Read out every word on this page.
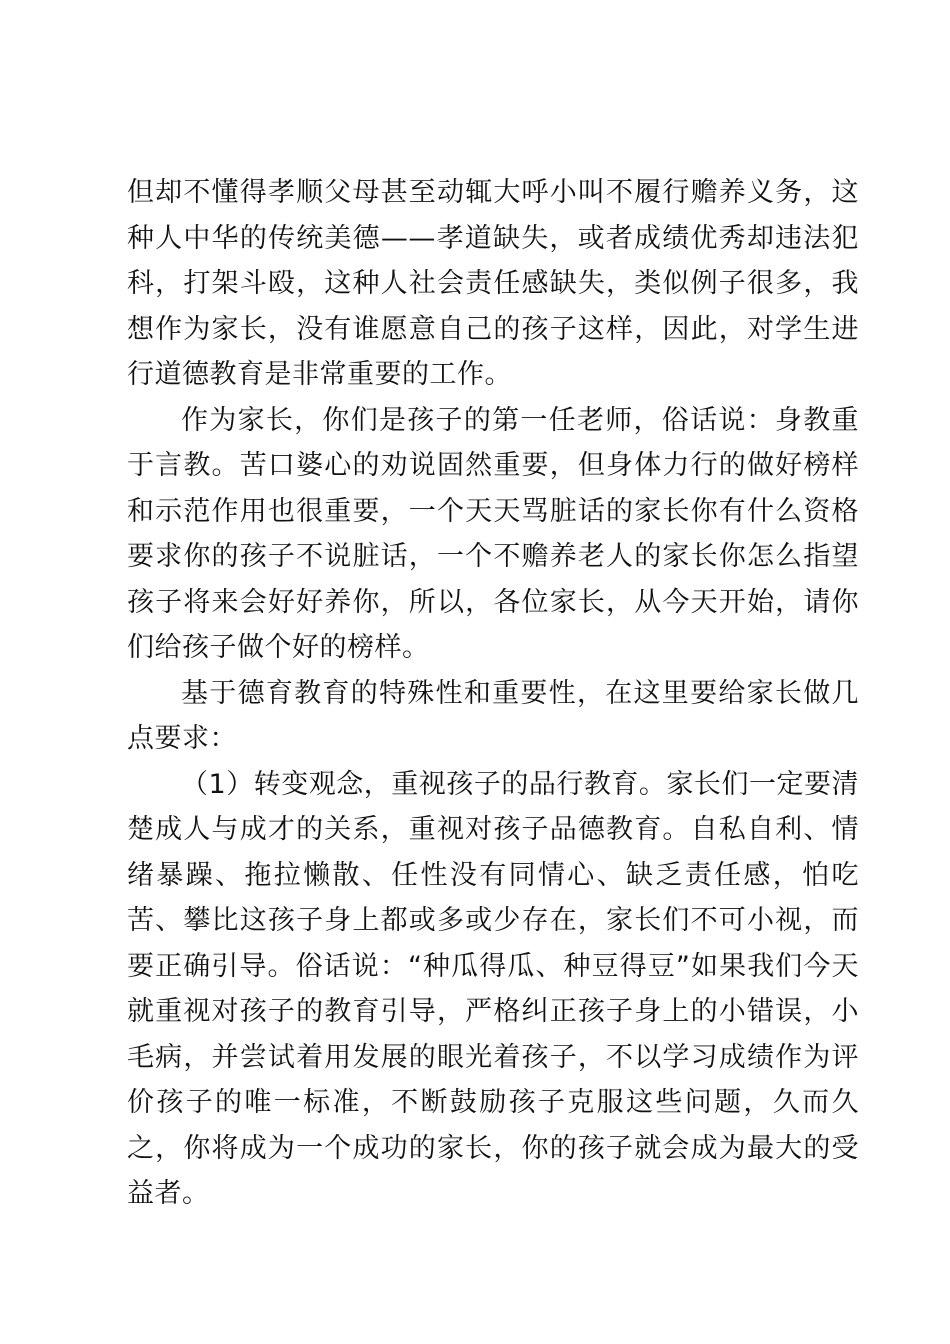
但却不懂得孝顺父母甚至动辄大呼小叫不履行赡养义务，这种人中华的传统美德——孝道缺失，或者成绩优秀却违法犯科，打架斗殴，这种人社会责任感缺失，类似例子很多，我想作为家长，没有谁愿意自己的孩子这样，因此，对学生进行道德教育是非常重要的工作。

作为家长，你们是孩子的第一任老师，俗话说：身教重于言教。苦口婆心的劝说固然重要，但身体力行的做好榜样和示范作用也很重要，一个天天骂脏话的家长你有什么资格要求你的孩子不说脏话，一个不赡养老人的家长你怎么指望孩子将来会好好养你，所以，各位家长，从今天开始，请你们给孩子做个好的榜样。

基于德育教育的特殊性和重要性，在这里要给家长做几点要求：

（1）转变观念，重视孩子的品行教育。家长们一定要清楚成人与成才的关系，重视对孩子品德教育。自私自利、情绪暴躁、拖拉懒散、任性没有同情心、缺乏责任感，怕吃苦、攀比这孩子身上都或多或少存在，家长们不可小视，而要正确引导。俗话说：“种瓜得瓜、种豆得豆”如果我们今天就重视对孩子的教育引导，严格纠正孩子身上的小错误，小毛病，并尝试着用发展的眼光着孩子，不以学习成绩作为评价孩子的唯一标准，不断鼓励孩子克服这些问题，久而久之，你将成为一个成功的家长，你的孩子就会成为最大的受益者。
